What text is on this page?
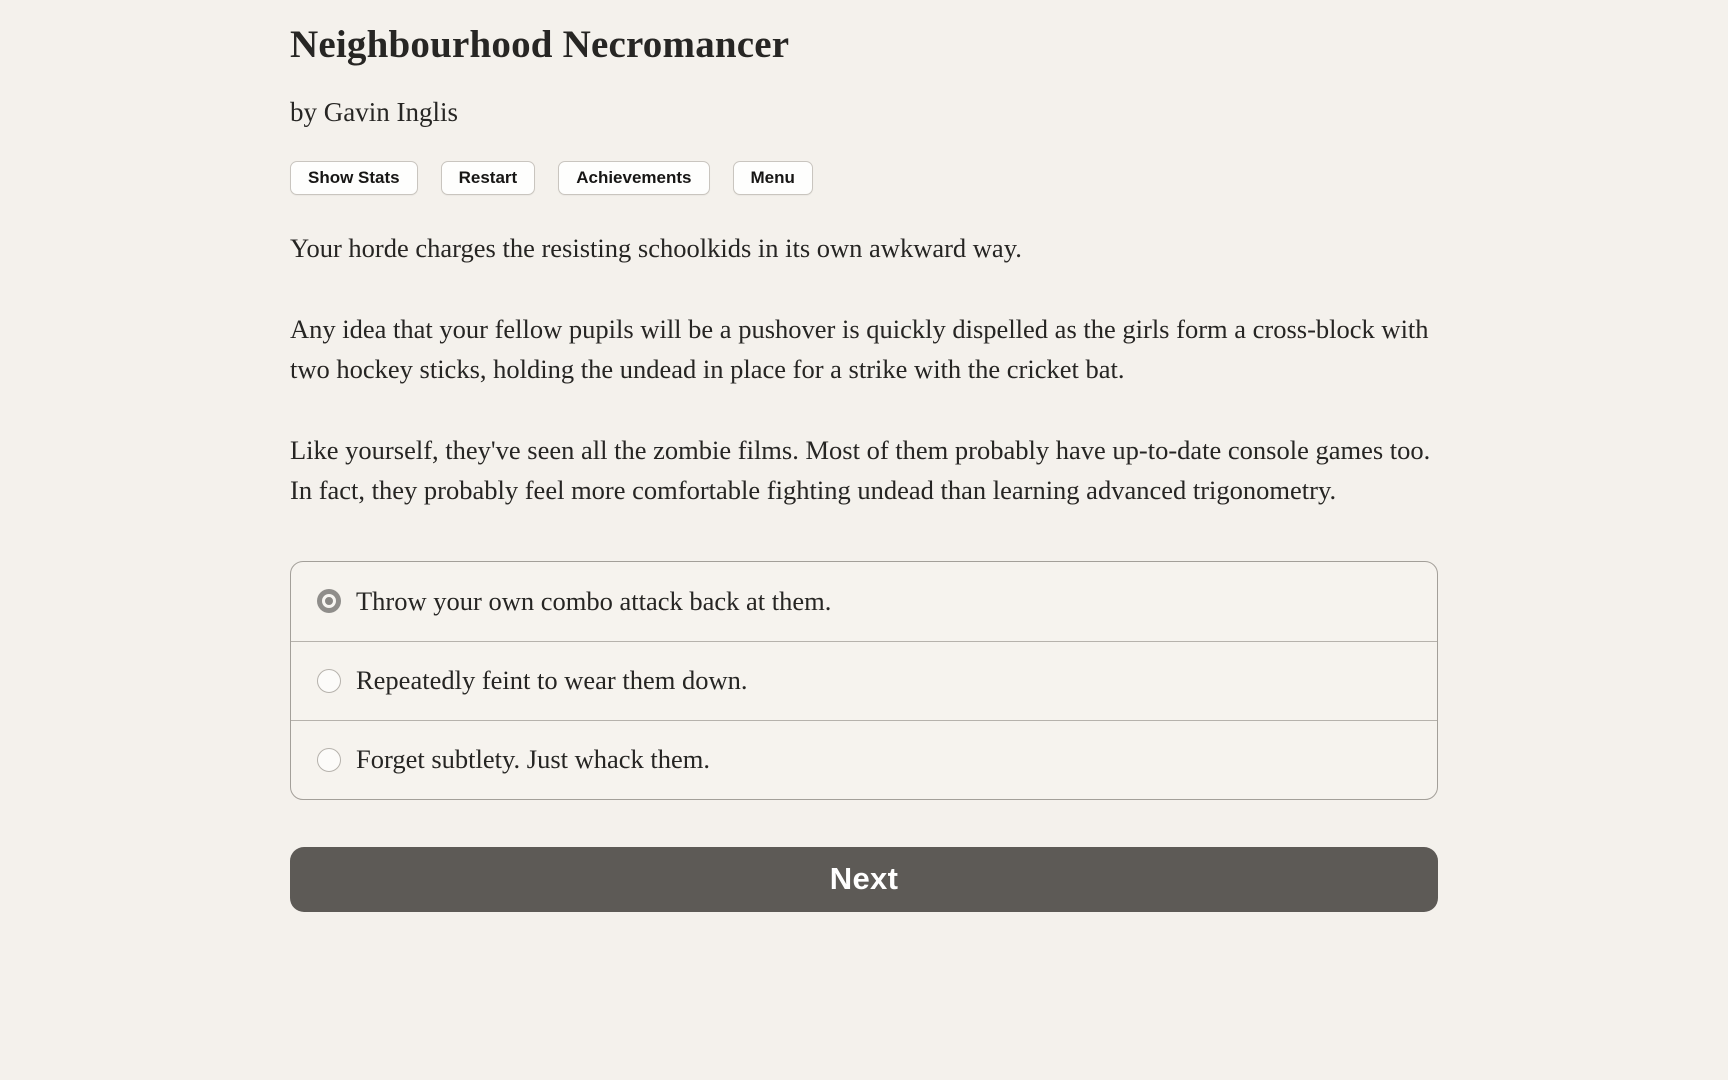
Neighbourhood Necromancer
by Gavin Inglis
Show Stats	Restart	Achievements	Menu

Your horde charges the resisting schoolkids in its own awkward way.

Any idea that your fellow pupils will be a pushover is quickly dispelled as the girls form a cross-block with two hockey sticks, holding the undead in place for a strike with the cricket bat.

Like yourself, they've seen all the zombie films. Most of them probably have up-to-date console games too. In fact, they probably feel more comfortable fighting undead than learning advanced trigonometry.

Throw your own combo attack back at them.
Repeatedly feint to wear them down.
Forget subtlety. Just whack them.
Next
